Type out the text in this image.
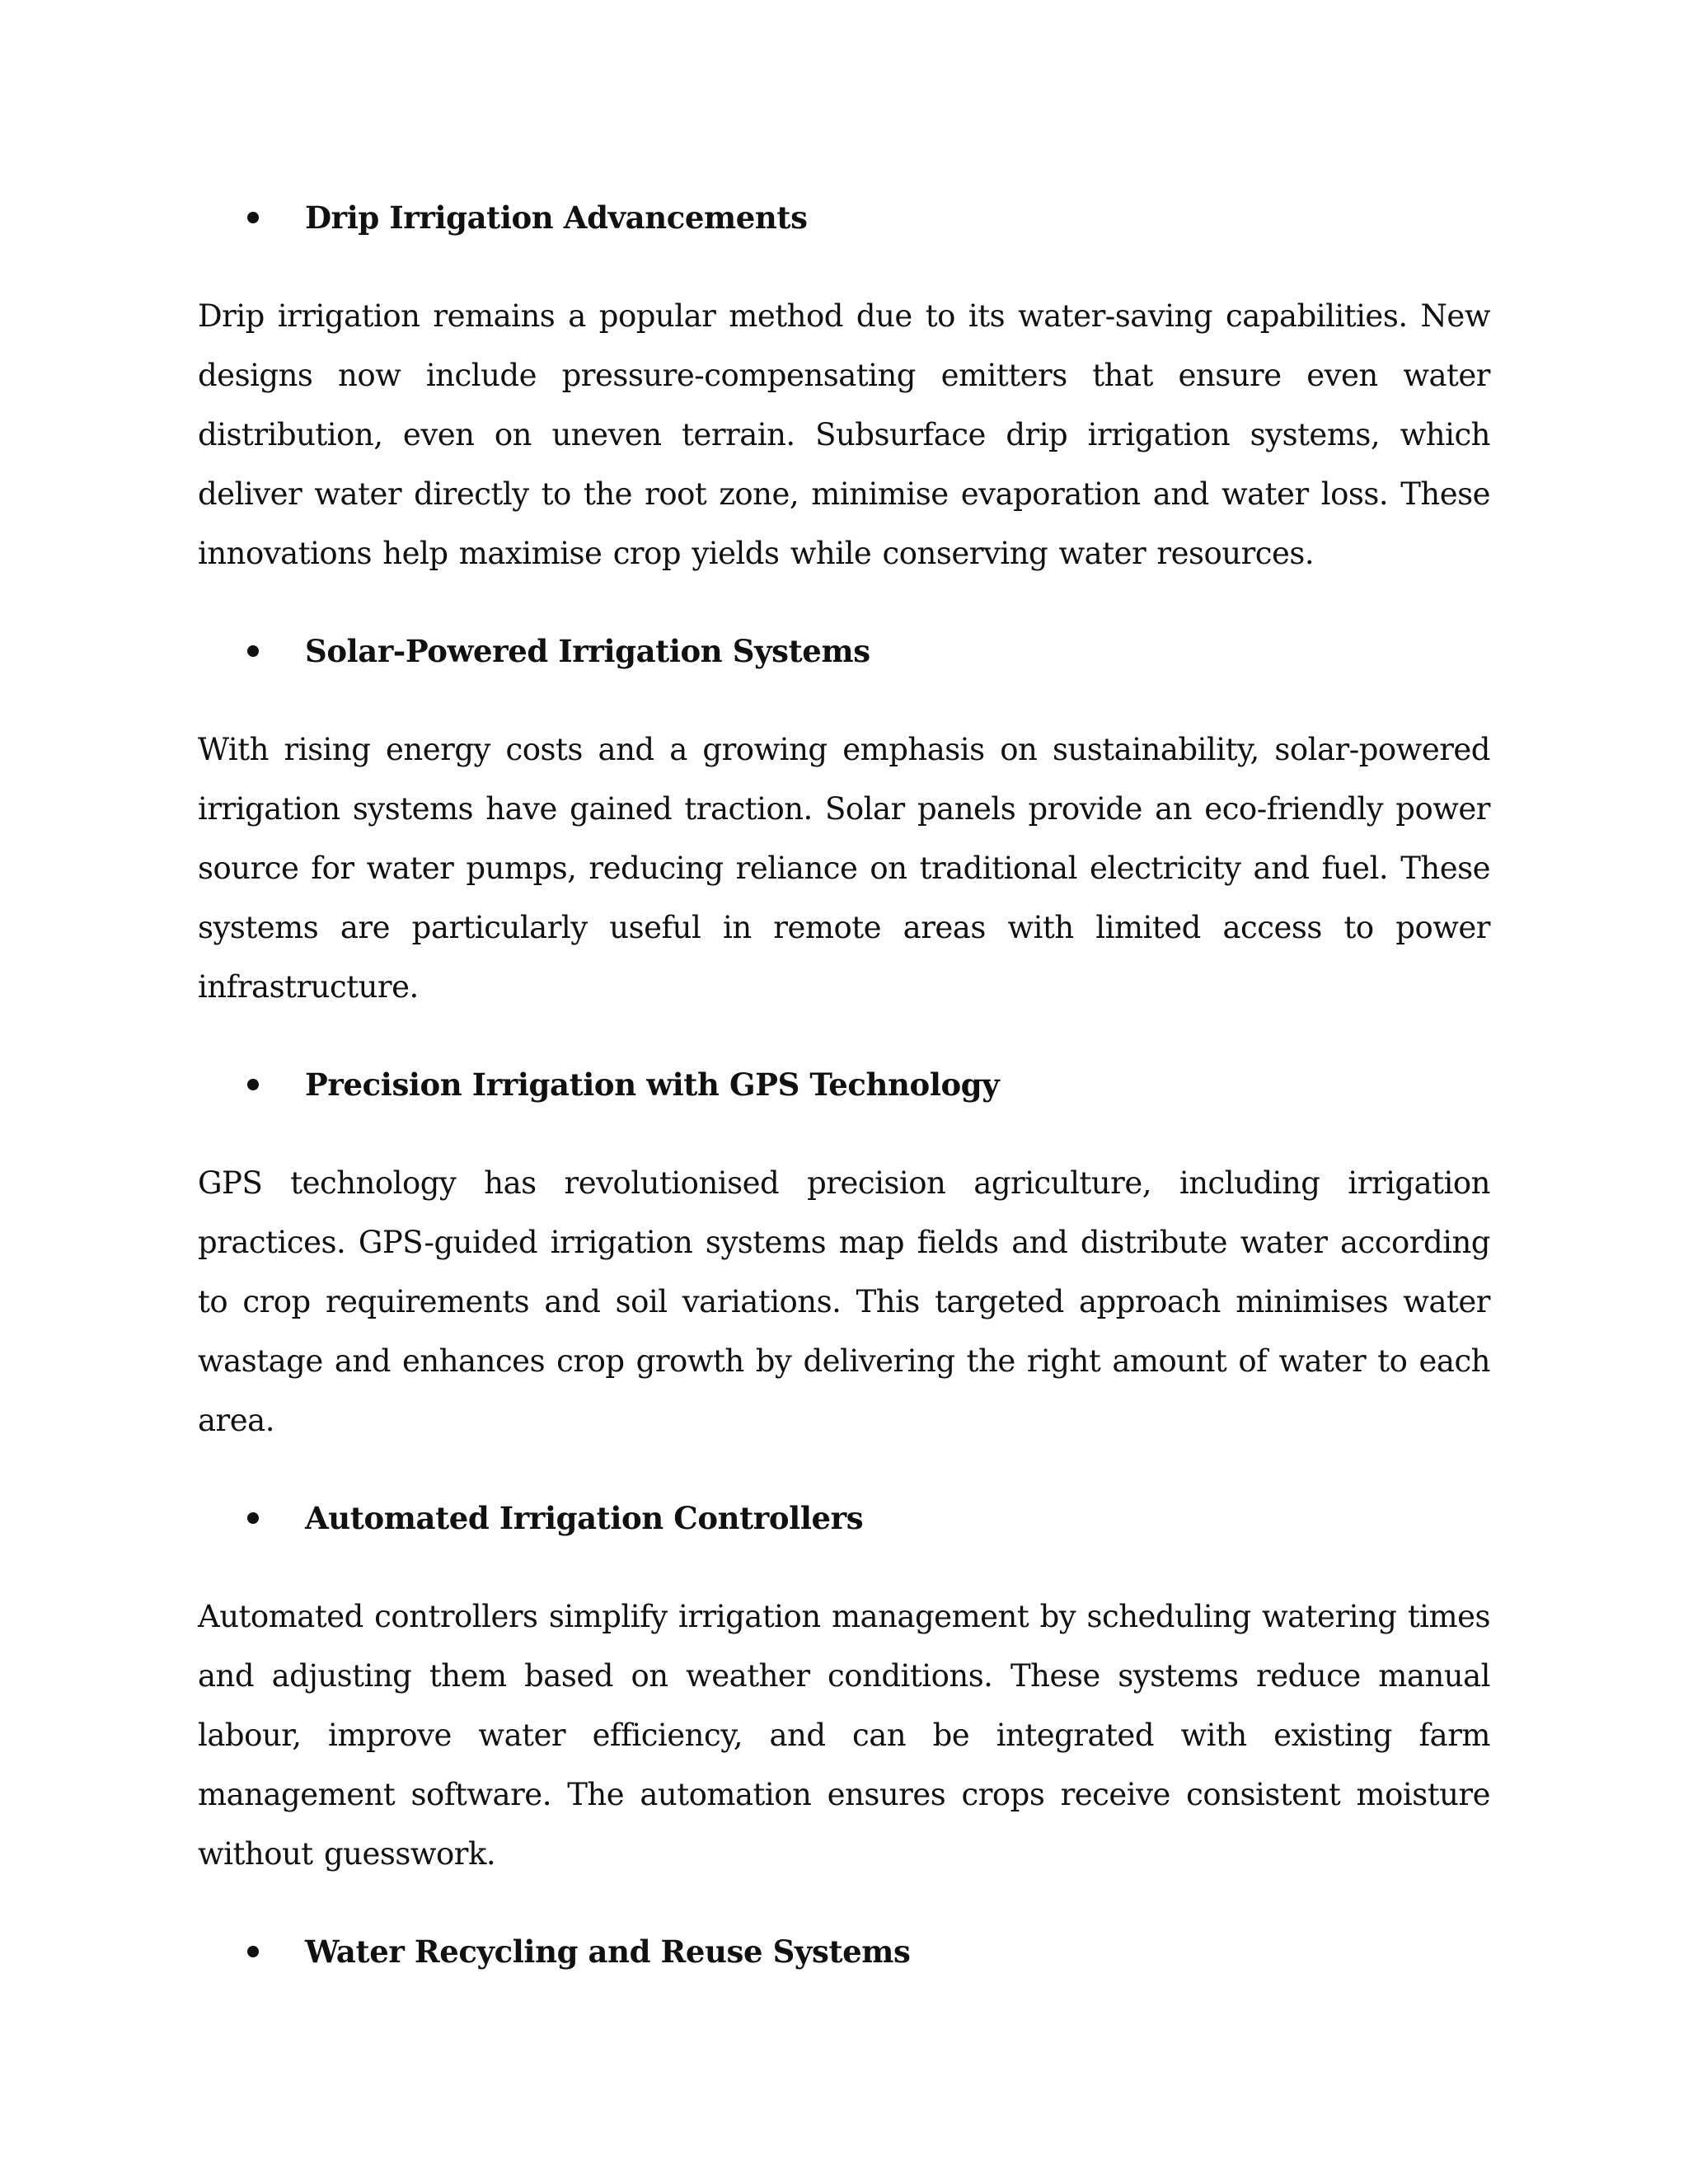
Drip Irrigation Advancements

Drip irrigation remains a popular method due to its water-saving capabilities. New designs now include pressure-compensating emitters that ensure even water distribution, even on uneven terrain. Subsurface drip irrigation systems, which deliver water directly to the root zone, minimise evaporation and water loss. These innovations help maximise crop yields while conserving water resources.

Solar-Powered Irrigation Systems

With rising energy costs and a growing emphasis on sustainability, solar-powered irrigation systems have gained traction. Solar panels provide an eco-friendly power source for water pumps, reducing reliance on traditional electricity and fuel. These systems are particularly useful in remote areas with limited access to power infrastructure.

Precision Irrigation with GPS Technology

GPS technology has revolutionised precision agriculture, including irrigation practices. GPS-guided irrigation systems map fields and distribute water according to crop requirements and soil variations. This targeted approach minimises water wastage and enhances crop growth by delivering the right amount of water to each area.

Automated Irrigation Controllers

Automated controllers simplify irrigation management by scheduling watering times and adjusting them based on weather conditions. These systems reduce manual labour, improve water efficiency, and can be integrated with existing farm management software. The automation ensures crops receive consistent moisture without guesswork.

Water Recycling and Reuse Systems
